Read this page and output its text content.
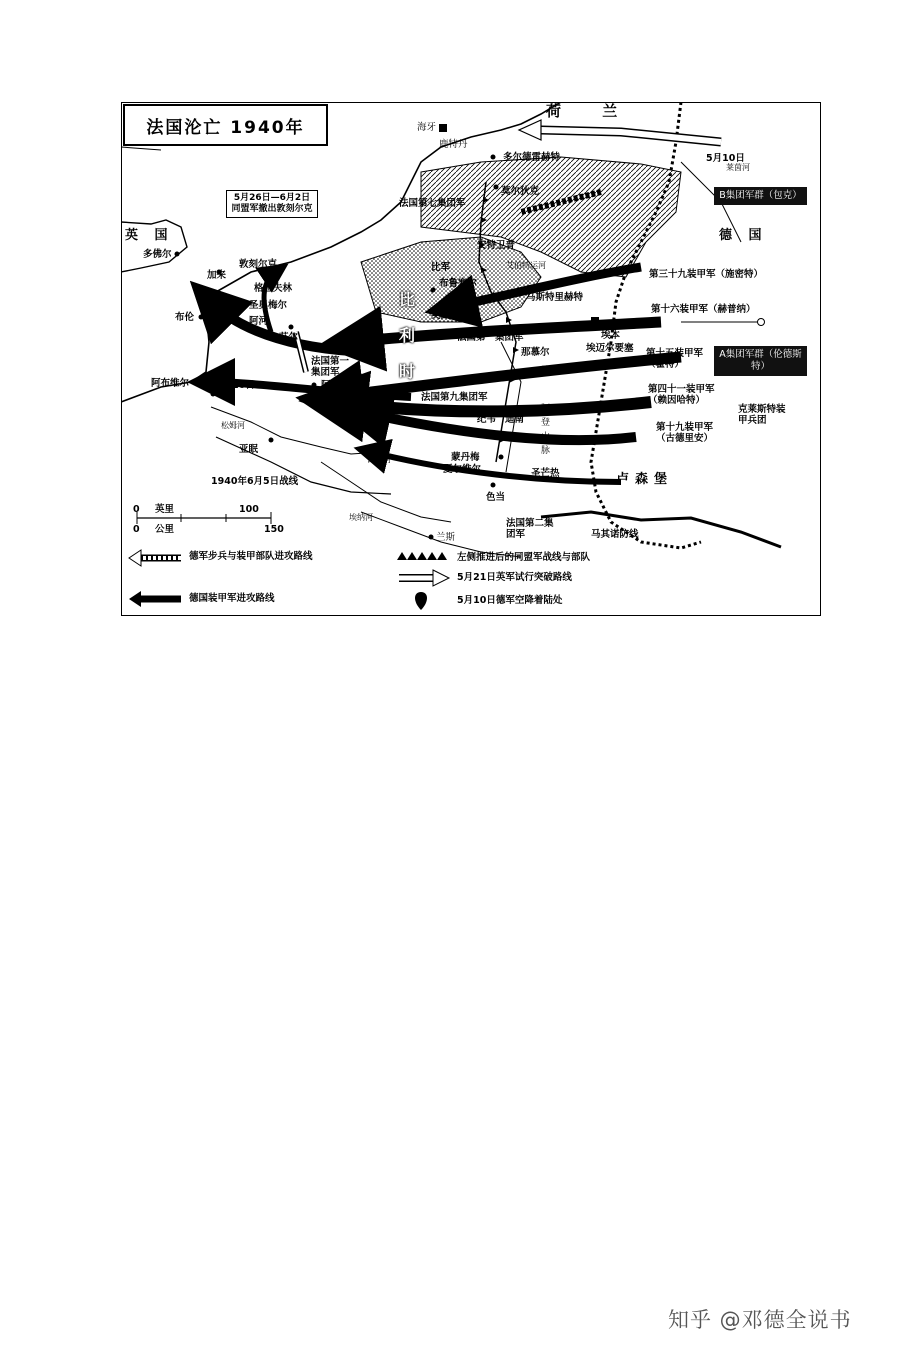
法国沦亡 1940年
5月26日—6月2日同盟军撤出敦刻尔克
B集团军群（包克）
A集团军群（伦德斯特）
荷 兰
德 国
英 国
卢森堡
比 利 时
阿 登 山 脉
海牙
鹿特丹
多尔德雷赫特
莫尔狄克
安特卫普
艾伯特运河
布鲁塞尔
马斯特里赫特
埃本
埃迈尔要塞
马斯河
那慕尔
迪南
纪韦
蒙丹梅
夏尔维尔
色当
圣芒热
多佛尔
敦刻尔克
加来
格拉夫林
圣奥梅尔
布伦	阿河
艾尔
里尔
阿腊斯
阿布维尔
松姆河
亚眠
瓦兹河
埃纳河
兰斯
莱茵河
5月10日
5月20日
法国第七集团军
比军
英国远征军
法国第一集团军
法国第一集团军
法国第九集团军
法国第二集团军
第三十九装甲军（施密特）
第十六装甲军（赫普纳）
第十五装甲军（霍特）
第四十一装甲军（赖因哈特）
第十九装甲军（古德里安）
克莱斯特装甲兵团
马其诺防线
1940年6月5日战线
0 英里	100
0 公里	150
德军步兵与装甲部队进攻路线
德国装甲军进攻路线
左侧推进后的同盟军战线与部队
5月21日英军试行突破路线
5月10日德军空降着陆处
知乎 @邓德全说书
